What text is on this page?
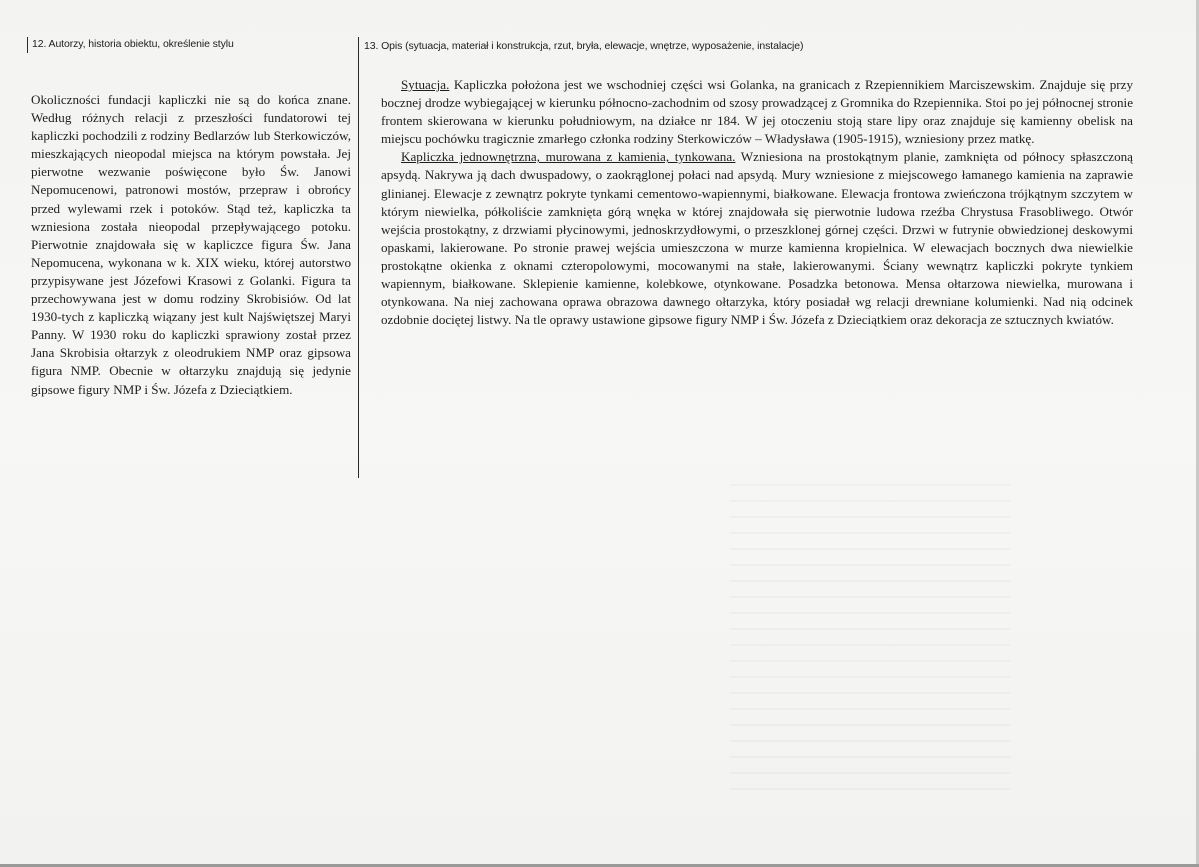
12. Autorzy, historia obiektu, określenie stylu	13. Opis (sytuacja, materiał i konstrukcja, rzut, bryła, elewacje, wnętrze, wyposażenie, instalacje)

Okoliczności fundacji kapliczki nie są do końca znane. Według różnych relacji z przeszłości fundatorowi tej kapliczki pochodzili z rodziny Bedlarzów lub Sterkowiczów, mieszkających nieopodal miejsca na którym powstała. Jej pierwotne wezwanie poświęcone było Św. Janowi Nepomucenowi, patronowi mostów, przepraw i obrońcy przed wylewami rzek i potoków. Stąd też, kapliczka ta wzniesiona została nieopodal przepływającego potoku. Pierwotnie znajdowała się w kapliczce figura Św. Jana Nepomucena, wykonana w k. XIX wieku, której autorstwo przypisywane jest Józefowi Krasowi z Golanki. Figura ta przechowywana jest w domu rodziny Skrobisiów. Od lat 1930-tych z kapliczką wiązany jest kult Najświętszej Maryi Panny. W 1930 roku do kapliczki sprawiony został przez Jana Skrobisia ołtarzyk z oleodrukiem NMP oraz gipsowa figura NMP. Obecnie w ołtarzyku znajdują się jedynie gipsowe figury NMP i Św. Józefa z Dzieciątkiem.

Sytuacja. Kapliczka położona jest we wschodniej części wsi Golanka, na granicach z Rzepiennikiem Marciszewskim. Znajduje się przy bocznej drodze wybiegającej w kierunku północno-zachodnim od szosy prowadzącej z Gromnika do Rzepiennika. Stoi po jej północnej stronie frontem skierowana w kierunku południowym, na działce nr 184. W jej otoczeniu stoją stare lipy oraz znajduje się kamienny obelisk na miejscu pochówku tragicznie zmarłego członka rodziny Sterkowiczów – Władysława (1905-1915), wzniesiony przez matkę.

Kapliczka jednownętrzna, murowana z kamienia, tynkowana. Wzniesiona na prostokątnym planie, zamknięta od północy spłaszczoną apsydą. Nakrywa ją dach dwuspadowy, o zaokrąglonej połaci nad apsydą. Mury wzniesione z miejscowego łamanego kamienia na zaprawie glinianej. Elewacje z zewnątrz pokryte tynkami cementowo-wapiennymi, białkowane. Elewacja frontowa zwieńczona trójkątnym szczytem w którym niewielka, półkoliście zamknięta górą wnęka w której znajdowała się pierwotnie ludowa rzeźba Chrystusa Frasobliwego. Otwór wejścia prostokątny, z drzwiami płycinowymi, jednoskrzydłowymi, o przeszklonej górnej części. Drzwi w futrynie obwiedzionej deskowymi opaskami, lakierowane. Po stronie prawej wejścia umieszczona w murze kamienna kropielnica. W elewacjach bocznych dwa niewielkie prostokątne okienka z oknami czteropolowymi, mocowanymi na stałe, lakierowanymi. Ściany wewnątrz kapliczki pokryte tynkiem wapiennym, białkowane. Sklepienie kamienne, kolebkowe, otynkowane. Posadzka betonowa. Mensa ołtarzowa niewielka, murowana i otynkowana. Na niej zachowana oprawa obrazowa dawnego ołtarzyka, który posiadał wg relacji drewniane kolumienki. Nad nią odcinek ozdobnie dociętej listwy. Na tle oprawy ustawione gipsowe figury NMP i Św. Józefa z Dzieciątkiem oraz dekoracja ze sztucznych kwiatów.
